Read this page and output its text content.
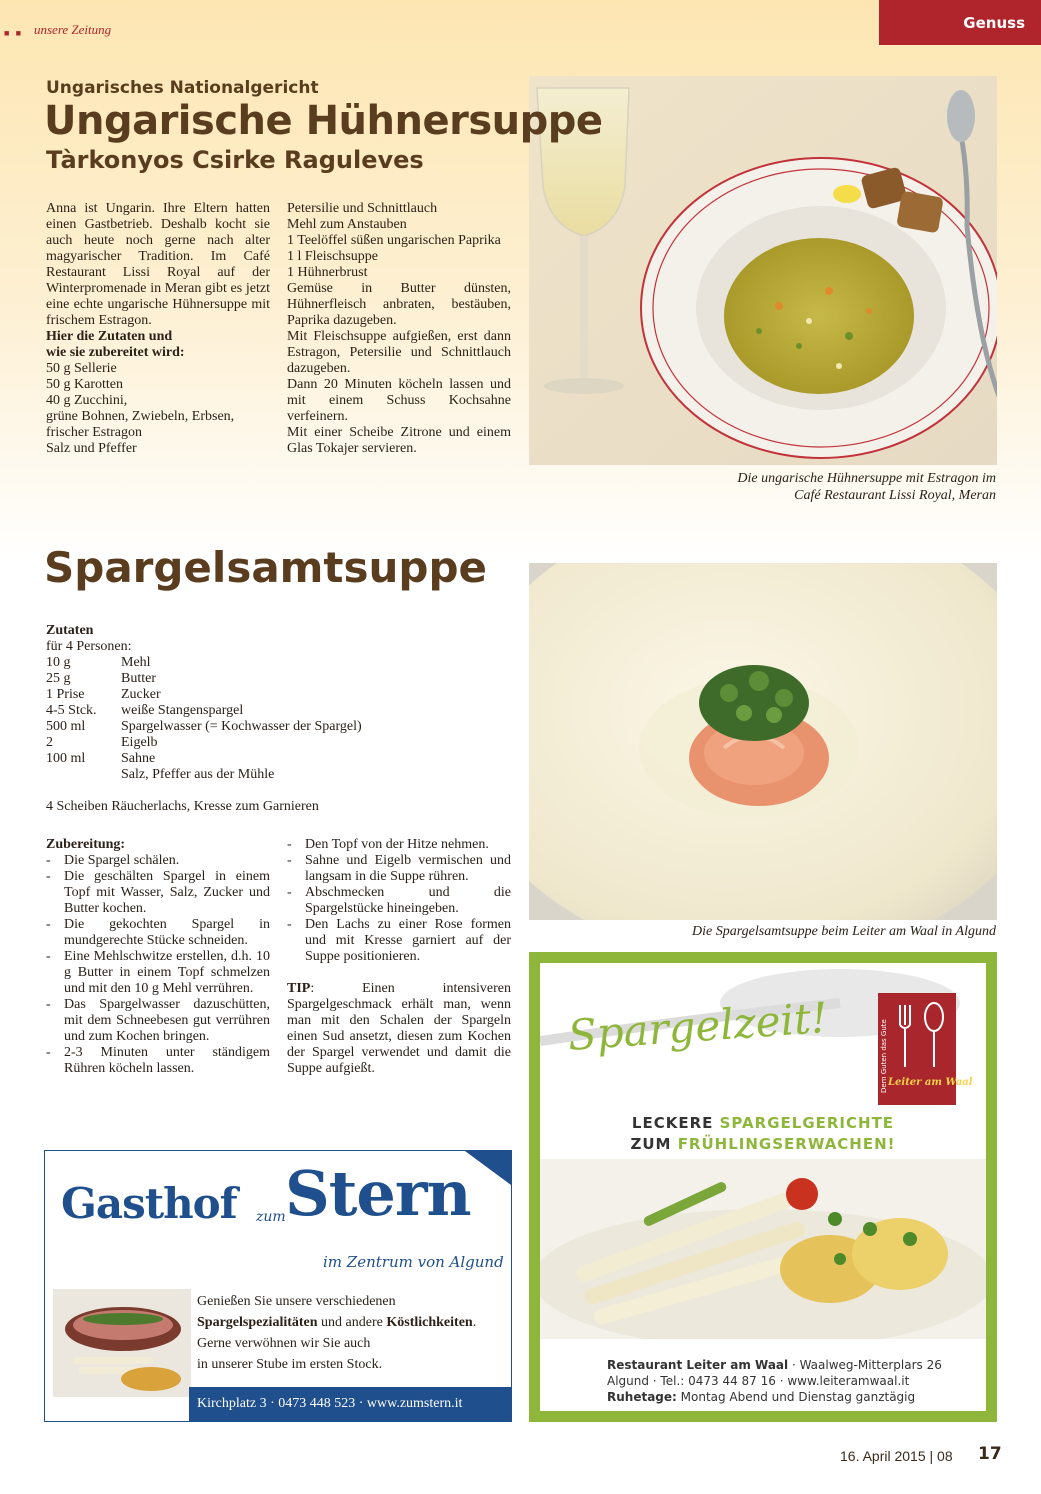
■ ■ unsere Zeitung	Genuss
Ungarisches Nationalgericht
Ungarische Hühnersuppe
Tàrkonyos Csirke Raguleves

Anna ist Ungarin. Ihre Eltern hatten einen Gastbetrieb. Deshalb kocht sie auch heute noch gerne nach alter magyarischer Tradition. Im Café Restaurant Lissi Royal auf der Winterpromenade in Meran gibt es jetzt eine echte ungarische Hühnersuppe mit frischem Estragon.

Hier die Zutaten und

wie sie zubereitet wird:

50 g Sellerie

50 g Karotten

40 g Zucchini,

grüne Bohnen, Zwiebeln, Erbsen,

frischer Estragon

Salz und Pfeffer

Petersilie und Schnittlauch

Mehl zum Anstauben

1 Teelöffel süßen ungarischen Paprika

1 l Fleischsuppe

1 Hühnerbrust

Gemüse in Butter dünsten, Hühnerfleisch anbraten, bestäuben, Paprika dazugeben.

Mit Fleischsuppe aufgießen, erst dann Estragon, Petersilie und Schnittlauch dazugeben.

Dann 20 Minuten köcheln lassen und mit einem Schuss Kochsahne verfeinern.

Mit einer Scheibe Zitrone und einem Glas Tokajer servieren.

Die ungarische Hühnersuppe mit Estragon im
Café Restaurant Lissi Royal, Meran
Spargelsamtsuppe

Zutaten

für 4 Personen:

10 g	Mehl
25 g	Butter
1 Prise	Zucker
4-5 Stck.	weiße Stangenspargel
500 ml	Spargelwasser (= Kochwasser der Spargel)
2	Eigelb
100 ml	Sahne
Salz, Pfeffer aus der Mühle

4 Scheiben Räucherlachs, Kresse zum Garnieren

Zubereitung:

- Die Spargel schälen.
- Die geschälten Spargel in einem Topf mit Wasser, Salz, Zucker und Butter kochen.
- Die gekochten Spargel in mundgerechte Stücke schneiden.
- Eine Mehlschwitze erstellen, d.h. 10 g Butter in einem Topf schmelzen und mit den 10 g Mehl verrühren.
- Das Spargelwasser dazuschütten, mit dem Schneebesen gut verrühren und zum Kochen bringen.
- 2-3 Minuten unter ständigem Rühren köcheln lassen.
- Den Topf von der Hitze nehmen.
- Sahne und Eigelb vermischen und langsam in die Suppe rühren.
- Abschmecken und die Spargelstücke hineingeben.
- Den Lachs zu einer Rose formen und mit Kresse garniert auf der Suppe positionieren.

TIP: Einen intensiveren Spargelgeschmack erhält man, wenn man mit den Schalen der Spargeln einen Sud ansetzt, diesen zum Kochen der Spargel verwendet und damit die Suppe aufgießt.

Die Spargelsamtsuppe beim Leiter am Waal in Algund
Gasthof zum Stern
im Zentrum von Algund
Genießen Sie unsere verschiedenen
Spargelspezialitäten und andere Köstlichkeiten.
Gerne verwöhnen wir Sie auch
in unserer Stube im ersten Stock.
Kirchplatz 3 · 0473 448 523 · www.zumstern.it
Spargelzeit!	Dem Guten das Gute Leiter am Waal
LECKERE SPARGELGERICHTE
ZUM FRÜHLINGSERWACHEN!
Restaurant Leiter am Waal · Waalweg-Mitterplars 26
Algund · Tel.: 0473 44 87 16 · www.leiteramwaal.it
Ruhetage: Montag Abend und Dienstag ganztägig
16. April 2015 | 08 17
